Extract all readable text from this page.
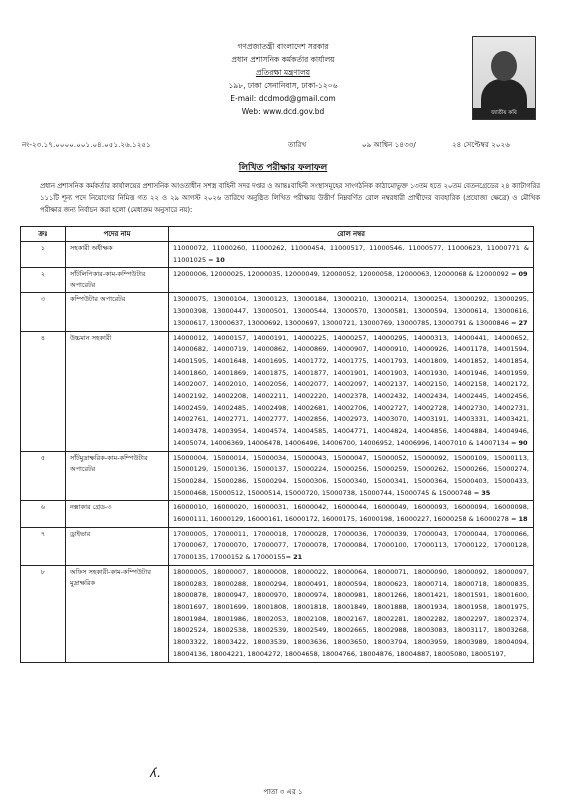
গণপ্রজাতন্ত্রী বাংলাদেশ সরকার
প্রধান প্রশাসনিক কর্মকর্তার কার্যালয়
প্রতিরক্ষা মন্ত্রণালয়
১৯৮, ঢাকা সেনানিবাস, ঢাকা-১২০৬
E-mail: dcdmod@gmail.com
Web: www.dcd.gov.bd	জাতীয় কবি
নং-২৩.১৭.০০০০.০০১.০৪.০৫১.২৬.১২৫১	তারিখ	০৯ আশ্বিন ১৪৩৩/	২৪ সেপ্টেম্বর ২০২৬
লিখিত পরীক্ষার ফলাফল
প্রধান প্রশাসনিক কর্মকর্তার কার্যালয়ের প্রশাসনিক আওতাধীন সশস্ত্র বাহিনী সদর দপ্তর ও আন্তঃবাহিনী সংস্থাসমূহের সাংগঠনিক কাঠামোভুক্ত ১৩তম হতে ২০তম বেতনগ্রেডের ২৪ ক্যাটাগরির ১১১টি শূন্য পদে নিয়োগের নিমিত্ত গত ২২ ও ২৯ আগস্ট ২০২৬ তারিখে অনুষ্ঠিত লিখিত পরীক্ষায় উত্তীর্ণ নিম্নবর্ণিত রোল নম্বরধারী প্রার্থীদের ব্যবহারিক (প্রযোজ্য ক্ষেত্রে) ও মৌখিক পরীক্ষার জন্য নির্বাচন করা হলো (মেধাক্রম অনুসারে নয়):
ক্রঃ	পদের নাম	রোল নম্বর
১	সহকারী অধীক্ষক	11000072, 11000260, 11000262, 11000454, 11000517, 11000546, 11000577, 11000623, 11000771 & 11001025 = 10
২	সাঁটলিপিকার-কাম-কম্পিউটার অপারেটর	12000006, 12000025, 12000035, 12000049, 12000052, 12000058, 12000063, 12000068 & 12000092 = 09
৩	কম্পিউটার অপারেটর	13000075, 13000104, 13000123, 13000184, 13000210, 13000214, 13000254, 13000292, 13000295, 13000398, 13000447, 13000501, 13000544, 13000570, 13000581, 13000594, 13000614, 13000616, 13000617, 13000637, 13000692, 13000697, 13000721, 13000769, 13000785, 13000791 & 13000846 = 27
৪	উচ্চমান সহকারী	14000012, 14000157, 14000191, 14000225, 14000257, 14000295, 14000313, 14000441, 14000652, 14000682, 14000719, 14000862, 14000869, 14000907, 14000910, 14000926, 14001178, 14001594, 14001595, 14001648, 14001695, 14001772, 14001775, 14001793, 14001809, 14001852, 14001854, 14001860, 14001869, 14001875, 14001877, 14001901, 14001903, 14001930, 14001946, 14001959, 14002007, 14002010, 14002056, 14002077, 14002097, 14002137, 14002150, 14002158, 14002172, 14002192, 14002208, 14002211, 14002220, 14002378, 14002432, 14002434, 14002445, 14002456, 14002459, 14002485, 14002498, 14002681, 14002706, 14002727, 14002728, 14002730, 14002731, 14002761, 14002771, 14002777, 14002856, 14002973, 14003070, 14003191, 14003331, 14003421, 14003478, 14003954, 14004574, 14004585, 14004771, 14004824, 14004856, 14004884, 14004946, 14005074, 14006369, 14006478, 14006496, 14006700, 14006952, 14006996, 14007010 & 14007134 = 90
৫	সাঁটমুদ্রাক্ষরিক-কাম-কম্পিউটার অপারেটর	15000004, 15000014, 15000034, 15000043, 15000047, 15000052, 15000092, 15000109, 15000113, 15000129, 15000136, 15000137, 15000224, 15000256, 15000259, 15000262, 15000266, 15000274, 15000284, 15000286, 15000294, 15000306, 15000340, 15000341, 15000364, 15000403, 15000433, 15000468, 15000512, 15000514, 15000720, 15000738, 15000744, 15000745 & 15000748 = 35
৬	নক্সাকার গ্রেড-৩	16000010, 16000020, 16000031, 16000042, 16000044, 16000049, 16000093, 16000094, 16000098, 16000111, 16000129, 16000161, 16000172, 16000175, 16000198, 16000227, 16000258 & 16000278 = 18
৭	ড্রাইভার	17000005, 17000011, 17000018, 17000028, 17000036, 17000039, 17000043, 17000044, 17000066, 17000067, 17000070, 17000077, 17000078, 17000084, 17000100, 17000113, 17000122, 17000128, 17000135, 17000152 & 17000155= 21
৮	অফিস সহকারী-কাম-কম্পিউটার মুদ্রাক্ষরিক	18000005, 18000007, 18000008, 18000022, 18000064, 18000071, 18000090, 18000092, 18000097, 18000283, 18000288, 18000294, 18000491, 18000594, 18000623, 18000714, 18000718, 18000835, 18000878, 18000947, 18000970, 18000974, 18000981, 18001266, 18001421, 18001591, 18001600, 18001697, 18001699, 18001808, 18001818, 18001849, 18001888, 18001934, 18001958, 18001975, 18001984, 18001986, 18002053, 18002108, 18002167, 18002281, 18002282, 18002297, 18002374, 18002524, 18002538, 18002539, 18002549, 18002665, 18002988, 18003083, 18003117, 18003268, 18003322, 18003422, 18003539, 18003636, 18003650, 18003794, 18003959, 18003989, 18004094, 18004136, 18004221, 18004272, 18004658, 18004766, 18004876, 18004887, 18005080, 18005197,
ʎ.
পাতা ৩ এর ১
